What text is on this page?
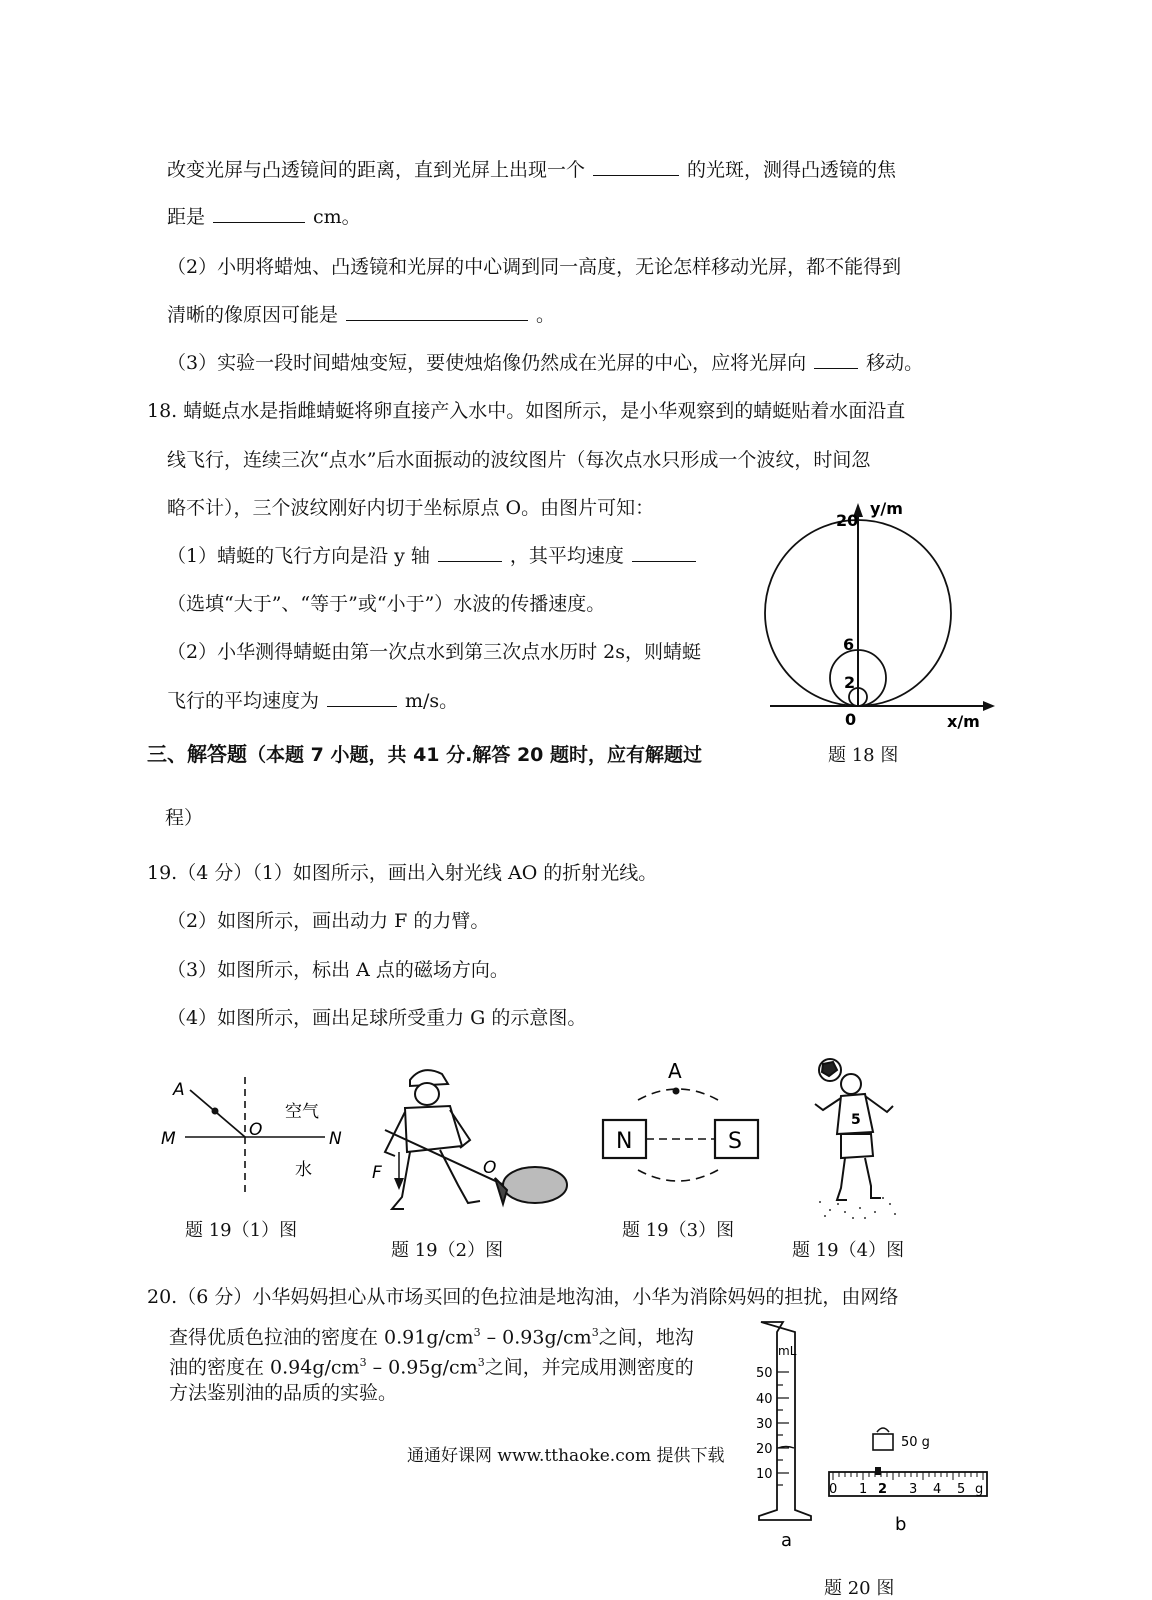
改变光屏与凸透镜间的距离，直到光屏上出现一个	的光斑，测得凸透镜的焦
距是	cm。
（2）小明将蜡烛、凸透镜和光屏的中心调到同一高度，无论怎样移动光屏，都不能得到
清晰的像原因可能是	。
（3）实验一段时间蜡烛变短，要使烛焰像仍然成在光屏的中心，应将光屏向	移动。
18. 蜻蜓点水是指雌蜻蜓将卵直接产入水中。如图所示，是小华观察到的蜻蜓贴着水面沿直
线飞行，连续三次“点水”后水面振动的波纹图片（每次点水只形成一个波纹，时间忽
略不计），三个波纹刚好内切于坐标原点 O。由图片可知：
（1）蜻蜓的飞行方向是沿 y 轴	，其平均速度
（选填“大于”、“等于”或“小于”）水波的传播速度。
（2）小华测得蜻蜓由第一次点水到第三次点水历时 2s，则蜻蜓
飞行的平均速度为	m/s。
y/m
x/m
0
20
6
2
题 18 图
三、解答题（本题 7 小题，共 41 分.解答 20 题时，应有解题过
程）
19.（4 分）（1）如图所示，画出入射光线 AO 的折射光线。
（2）如图所示，画出动力 F 的力臂。
（3）如图所示，标出 A 点的磁场方向。
（4）如图所示，画出足球所受重力 G 的示意图。
A
O
M	N
空气
水
题 19（1）图
F	O
题 19（2）图
A
N	S
题 19（3）图
5
题 19（4）图
20.（6 分）小华妈妈担心从市场买回的色拉油是地沟油，小华为消除妈妈的担扰，由网络
查得优质色拉油的密度在 $0.91g/cm^3 - 0.93g/cm^3$之间，地沟
油的密度在 $0.94g/cm^3 - 0.95g/cm^3$之间，并完成用测密度的
方法鉴别油的品质的实验。
mL
50
40
30
20
10
a
0 1 2 3 4 5 g
50 g
b
题 20 图
通通好课网 www.tthaoke.com 提供下载
